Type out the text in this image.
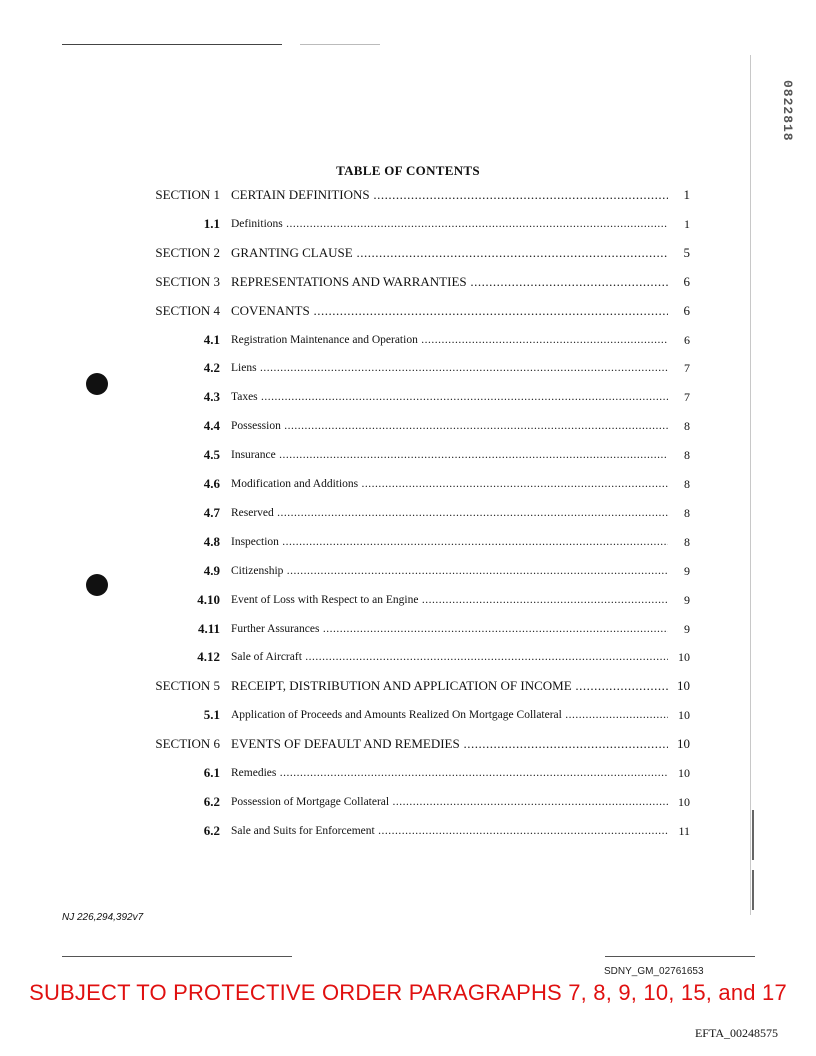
0822818
TABLE OF CONTENTS
SECTION 1 CERTAIN DEFINITIONS .....	1
1.1 Definitions .....	1
SECTION 2 GRANTING CLAUSE .....	5
SECTION 3 REPRESENTATIONS AND WARRANTIES .....	6
SECTION 4 COVENANTS .....	6
4.1 Registration Maintenance and Operation .....	6
4.2 Liens .....	7
4.3 Taxes .....	7
4.4 Possession .....	8
4.5 Insurance .....	8
4.6 Modification and Additions .....	8
4.7 Reserved .....	8
4.8 Inspection .....	8
4.9 Citizenship .....	9
4.10 Event of Loss with Respect to an Engine .....	9
4.11 Further Assurances .....	9
4.12 Sale of Aircraft .....	10
SECTION 5 RECEIPT, DISTRIBUTION AND APPLICATION OF INCOME .....	10
5.1 Application of Proceeds and Amounts Realized On Mortgage Collateral .....	10
SECTION 6 EVENTS OF DEFAULT AND REMEDIES .....	10
6.1 Remedies .....	10
6.2 Possession of Mortgage Collateral .....	10
6.2 Sale and Suits for Enforcement .....	11
NJ 226,294,392v7
SDNY_GM_02761653
SUBJECT TO PROTECTIVE ORDER PARAGRAPHS 7, 8, 9, 10, 15, and 17
EFTA_00248575
